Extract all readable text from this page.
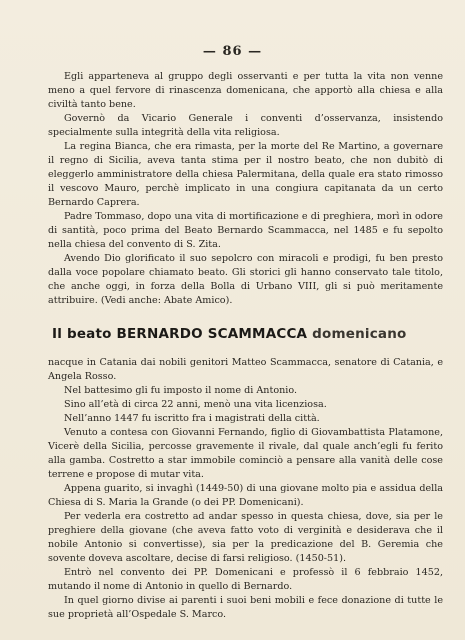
— 86 —

Egli apparteneva al gruppo degli osservanti e per tutta la vita non venne meno a quel fervore di rinascenza domenicana, che apportò alla chiesa e alla civiltà tanto bene.

Governò da Vicario Generale i conventi d’osservanza, insistendo specialmente sulla integrità della vita religiosa.

La regina Bianca, che era rimasta, per la morte del Re Martino, a governare il regno di Sicilia, aveva tanta stima per il nostro beato, che non dubitò di eleggerlo amministratore della chiesa Palermitana, della quale era stato rimosso il vescovo Mauro, perchè implicato in una congiura capitanata da un certo Bernardo Caprera.

Padre Tommaso, dopo una vita di mortificazione e di preghiera, morì in odore di santità, poco prima del Beato Bernardo Scammacca, nel 1485 e fu sepolto nella chiesa del convento di S. Zita.

Avendo Dio glorificato il suo sepolcro con miracoli e prodigi, fu ben presto dalla voce popolare chiamato beato. Gli storici gli hanno conservato tale titolo, che anche oggi, in forza della Bolla di Urbano VIII, gli si può meritamente attribuire. (Vedi anche: Abate Amico).

Il beato BERNARDO SCAMMACCA domenicano

nacque in Catania dai nobili genitori Matteo Scammacca, senatore di Catania, e Angela Rosso.

Nel battesimo gli fu imposto il nome di Antonio.

Sino all’età di circa 22 anni, menò una vita licenziosa.

Nell’anno 1447 fu iscritto fra i magistrati della città.

Venuto a contesa con Giovanni Fernando, figlio di Giovambattista Platamone, Vicerè della Sicilia, percosse gravemente il rivale, dal quale anch’egli fu ferito alla gamba. Costretto a star immobile cominciò a pensare alla vanità delle cose terrene e propose di mutar vita.

Appena guarito, si invaghì (1449-50) di una giovane molto pia e assidua della Chiesa di S. Maria la Grande (o dei PP. Domenicani).

Per vederla era costretto ad andar spesso in questa chiesa, dove, sia per le preghiere della giovane (che aveva fatto voto di verginità e desiderava che il nobile Antonio si convertisse), sia per la predicazione del B. Geremia che sovente doveva ascoltare, decise di farsi religioso. (1450-51).

Entrò nel convento dei PP. Domenicani e professò il 6 febbraio 1452, mutando il nome di Antonio in quello di Bernardo.

In quel giorno divise ai parenti i suoi beni mobili e fece donazione di tutte le sue proprietà all’Ospedale S. Marco.
